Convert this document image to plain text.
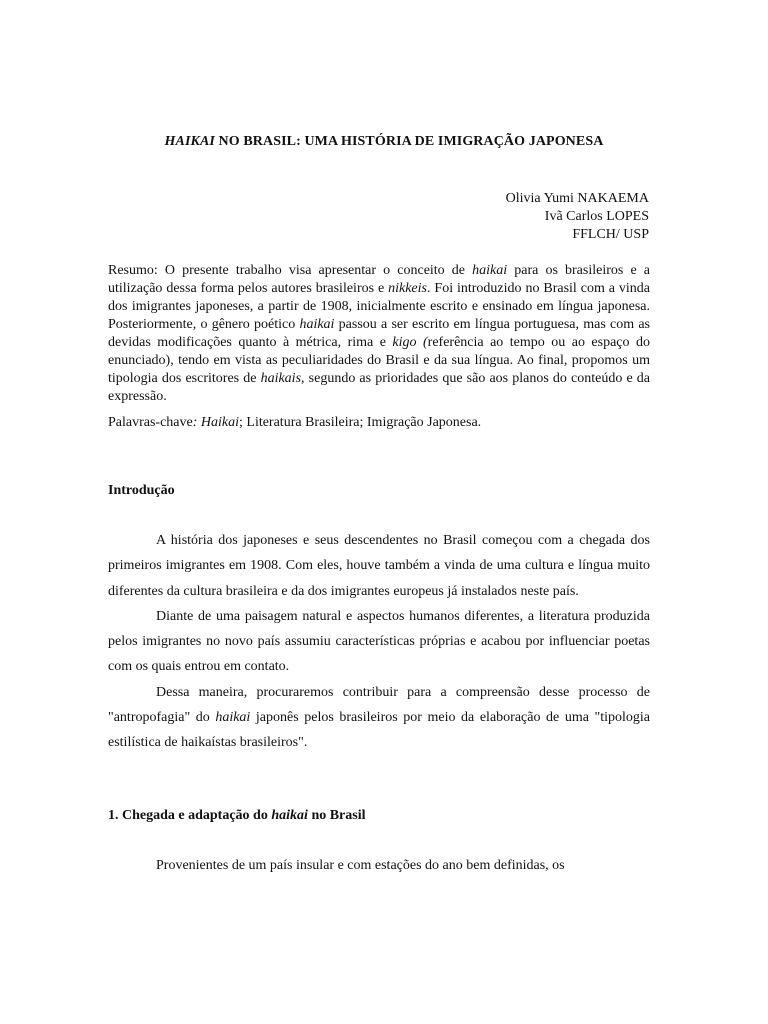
HAIKAI NO BRASIL: UMA HISTÓRIA DE IMIGRAÇÃO JAPONESA
Olivia Yumi NAKAEMA
Ivã Carlos LOPES
FFLCH/ USP

Resumo: O presente trabalho visa apresentar o conceito de haikai para os brasileiros e a utilização dessa forma pelos autores brasileiros e nikkeis. Foi introduzido no Brasil com a vinda dos imigrantes japoneses, a partir de 1908, inicialmente escrito e ensinado em língua japonesa. Posteriormente, o gênero poético haikai passou a ser escrito em língua portuguesa, mas com as devidas modificações quanto à métrica, rima e kigo (referência ao tempo ou ao espaço do enunciado), tendo em vista as peculiaridades do Brasil e da sua língua. Ao final, propomos um tipologia dos escritores de haikais, segundo as prioridades que são aos planos do conteúdo e da expressão.

Palavras-chave: Haikai; Literatura Brasileira; Imigração Japonesa.
Introdução

A história dos japoneses e seus descendentes no Brasil começou com a chegada dos primeiros imigrantes em 1908. Com eles, houve também a vinda de uma cultura e língua muito diferentes da cultura brasileira e da dos imigrantes europeus já instalados neste país.

Diante de uma paisagem natural e aspectos humanos diferentes, a literatura produzida pelos imigrantes no novo país assumiu características próprias e acabou por influenciar poetas com os quais entrou em contato.

Dessa maneira, procuraremos contribuir para a compreensão desse processo de "antropofagia" do haikai japonês pelos brasileiros por meio da elaboração de uma "tipologia estilística de haikaístas brasileiros".

1. Chegada e adaptação do haikai no Brasil

Provenientes de um país insular e com estações do ano bem definidas, os
